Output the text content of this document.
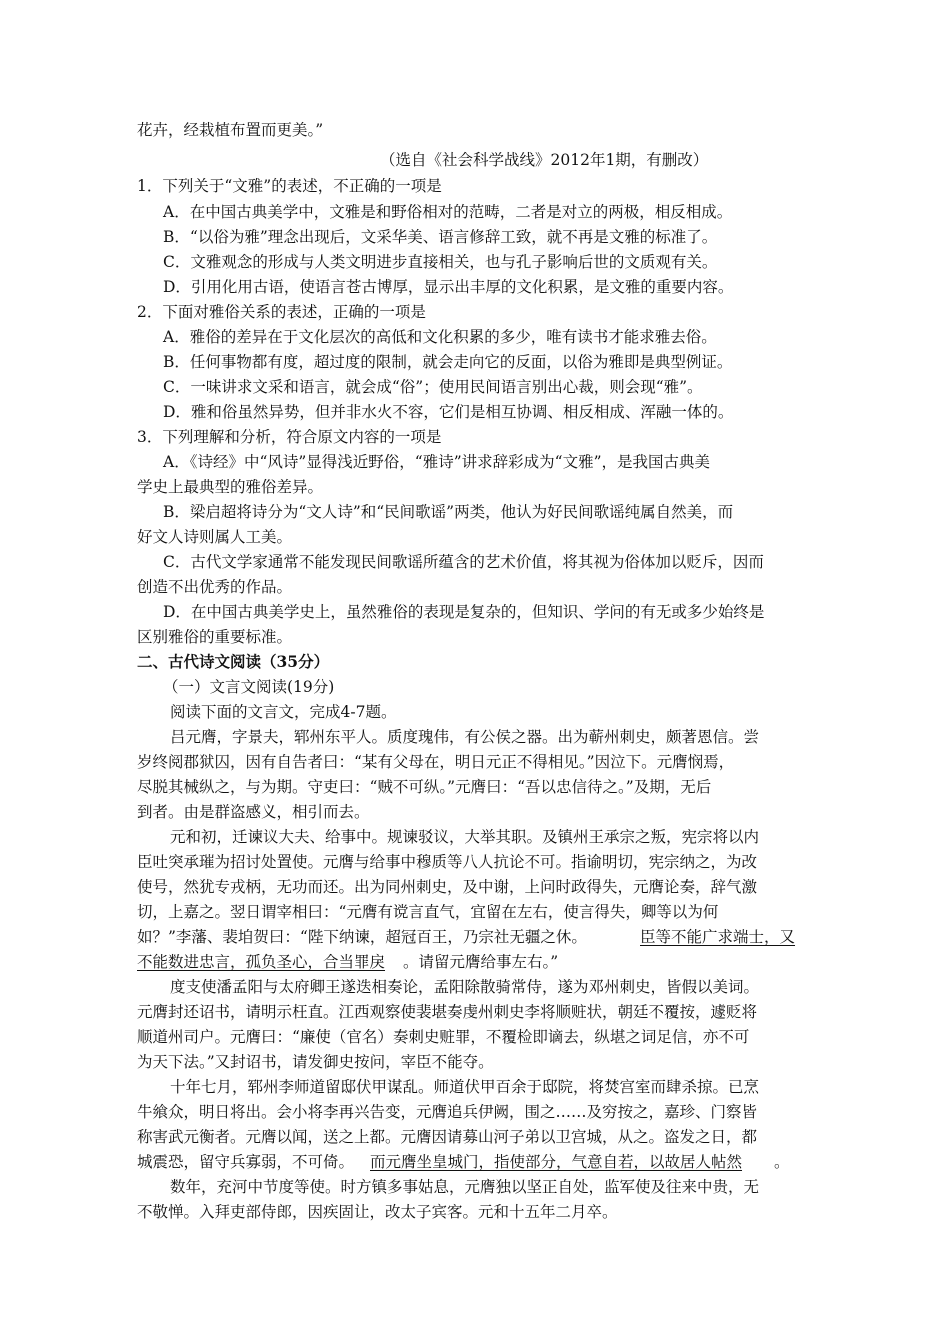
花卉，经栽植布置而更美。”
（选自《社会科学战线》2012年1期，有删改）
1．下列关于“文雅”的表述，不正确的一项是
A．在中国古典美学中，文雅是和野俗相对的范畴，二者是对立的两极，相反相成。
B．“以俗为雅”理念出现后，文采华美、语言修辞工致，就不再是文雅的标准了。
C．文雅观念的形成与人类文明进步直接相关，也与孔子影响后世的文质观有关。
D．引用化用古语，使语言苍古博厚，显示出丰厚的文化积累，是文雅的重要内容。
2．下面对雅俗关系的表述，正确的一项是
A．雅俗的差异在于文化层次的高低和文化积累的多少，唯有读书才能求雅去俗。
B．任何事物都有度，超过度的限制，就会走向它的反面，以俗为雅即是典型例证。
C．一味讲求文采和语言，就会成“俗”；使用民间语言别出心裁，则会现“雅”。
D．雅和俗虽然异势，但并非水火不容，它们是相互协调、相反相成、浑融一体的。
3．下列理解和分析，符合原文内容的一项是
A．《诗经》中“风诗”显得浅近野俗，“雅诗”讲求辞彩成为“文雅”，是我国古典美
学史上最典型的雅俗差异。
B．梁启超将诗分为“文人诗”和“民间歌谣”两类，他认为好民间歌谣纯属自然美，而
好文人诗则属人工美。
C．古代文学家通常不能发现民间歌谣所蕴含的艺术价值，将其视为俗体加以贬斥，因而
创造不出优秀的作品。
D．在中国古典美学史上，虽然雅俗的表现是复杂的，但知识、学问的有无或多少始终是
区别雅俗的重要标准。
二、古代诗文阅读（35分）
（一）文言文阅读(19分)
阅读下面的文言文，完成4-7题。
吕元膺，字景夫，郓州东平人。质度瑰伟，有公侯之器。出为蕲州刺史，颇著恩信。尝
岁终阅郡狱囚，因有自告者曰：“某有父母在，明日元正不得相见。”因泣下。元膺悯焉，
尽脱其械纵之，与为期。守吏曰：“贼不可纵。”元膺曰：“吾以忠信待之。”及期，无后
到者。由是群盗感义，相引而去。
元和初，迁谏议大夫、给事中。规谏驳议，大举其职。及镇州王承宗之叛，宪宗将以内
臣吐突承璀为招讨处置使。元膺与给事中穆质等八人抗论不可。指谕明切，宪宗纳之，为改
使号，然犹专戎柄，无功而还。出为同州刺史，及中谢，上问时政得失，元膺论奏，辞气激
切，上嘉之。翌日谓宰相曰：“元膺有谠言直气，宜留在左右，使言得失，卿等以为何
如？”李藩、裴垍贺曰：“陛下纳谏，超冠百王，乃宗社无疆之休。	臣等不能广求端士，又
不能数进忠言，孤负圣心，合当罪戾 。请留元膺给事左右。”
度支使潘孟阳与太府卿王遂迭相奏论，孟阳除散骑常侍，遂为邓州刺史，皆假以美词。
元膺封还诏书，请明示枉直。江西观察使裴堪奏虔州刺史李将顺赃状，朝廷不覆按，遽贬将
顺道州司户。元膺曰：“廉使（官名）奏刺史赃罪，不覆检即谪去，纵堪之词足信，亦不可
为天下法。”又封诏书，请发御史按问，宰臣不能夺。
十年七月，郓州李师道留邸伏甲谋乱。师道伏甲百余于邸院，将焚宫室而肆杀掠。已烹
牛飨众，明日将出。会小将李再兴告变，元膺追兵伊阙，围之……及穷按之，嘉珍、门察皆
称害武元衡者。元膺以闻，送之上都。元膺因请募山河子弟以卫宫城，从之。盗发之日，都
城震恐，留守兵寡弱，不可倚。 而元膺坐皇城门，指使部分，气意自若，以故居人帖然 。
数年，充河中节度等使。时方镇多事姑息，元膺独以坚正自处，监军使及往来中贵，无
不敬惮。入拜吏部侍郎，因疾固让，改太子宾客。元和十五年二月卒。
